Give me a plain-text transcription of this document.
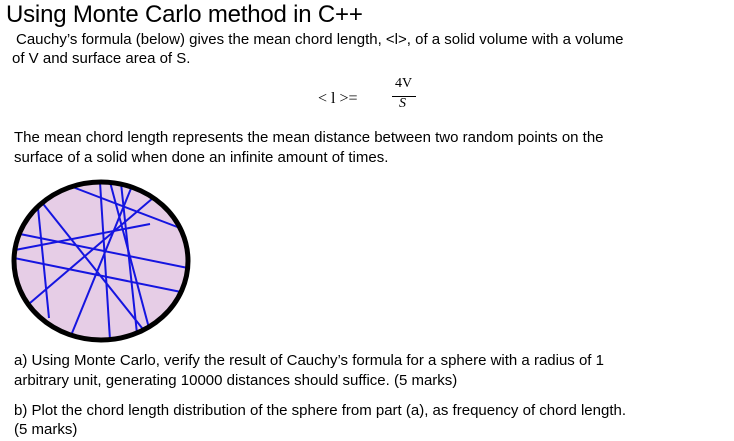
Using Monte Carlo method in C++
Cauchy’s formula (below) gives the mean chord length, <l>, of a solid volume with a volume
of V and surface area of S.
< l >=
4V
S
The mean chord length represents the mean distance between two random points on the
surface of a solid when done an infinite amount of times.
a) Using Monte Carlo, verify the result of Cauchy’s formula for a sphere with a radius of 1
arbitrary unit, generating 10000 distances should suffice. (5 marks)
b) Plot the chord length distribution of the sphere from part (a), as frequency of chord length.
(5 marks)
